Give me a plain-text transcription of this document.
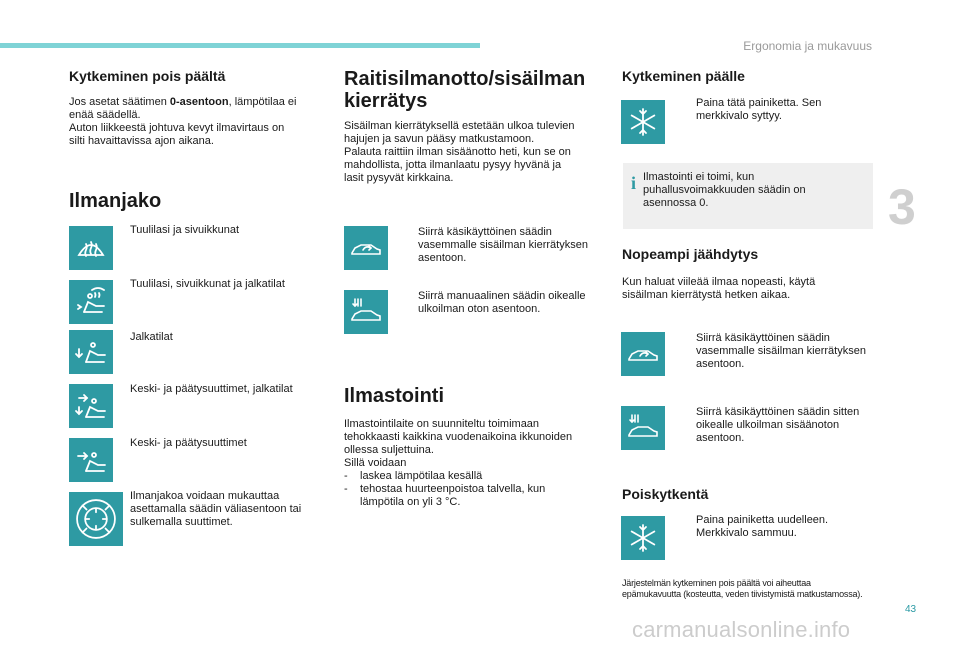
Ergonomia ja mukavuus
3
43
carmanualsonline.info
Kytkeminen pois päältä
Jos asetat säätimen 0-asentoon, lämpötilaa ei
enää säädellä.
Auton liikkeestä johtuva kevyt ilmavirtaus on
silti havaittavissa ajon aikana.
Ilmanjako
Tuulilasi ja sivuikkunat
Tuulilasi, sivuikkunat ja jalkatilat
Jalkatilat
Keski- ja päätysuuttimet, jalkatilat
Keski- ja päätysuuttimet
Ilmanjakoa voidaan mukauttaa
asettamalla säädin väliasentoon tai
sulkemalla suuttimet.
Raitisilmanotto/sisäilman
kierrätys
Sisäilman kierrätyksellä estetään ulkoa tulevien
hajujen ja savun pääsy matkustamoon.
Palauta raittiin ilman sisäänotto heti, kun se on
mahdollista, jotta ilmanlaatu pysyy hyvänä ja
lasit pysyvät kirkkaina.
Siirrä käsikäyttöinen säädin vasemmalle sisäilman kierrätyksen asentoon.
Siirrä manuaalinen säädin oikealle ulkoilman oton asentoon.
Ilmastointi
Ilmastointilaite on suunniteltu toimimaan
tehokkaasti kaikkina vuodenaikoina ikkunoiden
ollessa suljettuina.
Sillä voidaan
- laskea lämpötilaa kesällä
- tehostaa huurteenpoistoa talvella, kun
lämpötila on yli 3 °C.
Kytkeminen päälle
Paina tätä painiketta. Sen merkkivalo syttyy.
i Ilmastointi ei toimi, kun puhallusvoimakkuuden säädin on asennossa 0.
Nopeampi jäähdytys
Kun haluat viileää ilmaa nopeasti, käytä
sisäilman kierrätystä hetken aikaa.
Siirrä käsikäyttöinen säädin vasemmalle sisäilman kierrätyksen asentoon.
Siirrä käsikäyttöinen säädin sitten oikealle ulkoilman sisäänoton asentoon.
Poiskytkentä
Paina painiketta uudelleen. Merkkivalo sammuu.
Järjestelmän kytkeminen pois päältä voi aiheuttaa
epämukavuutta (kosteutta, veden tiivistymistä matkustamossa).
